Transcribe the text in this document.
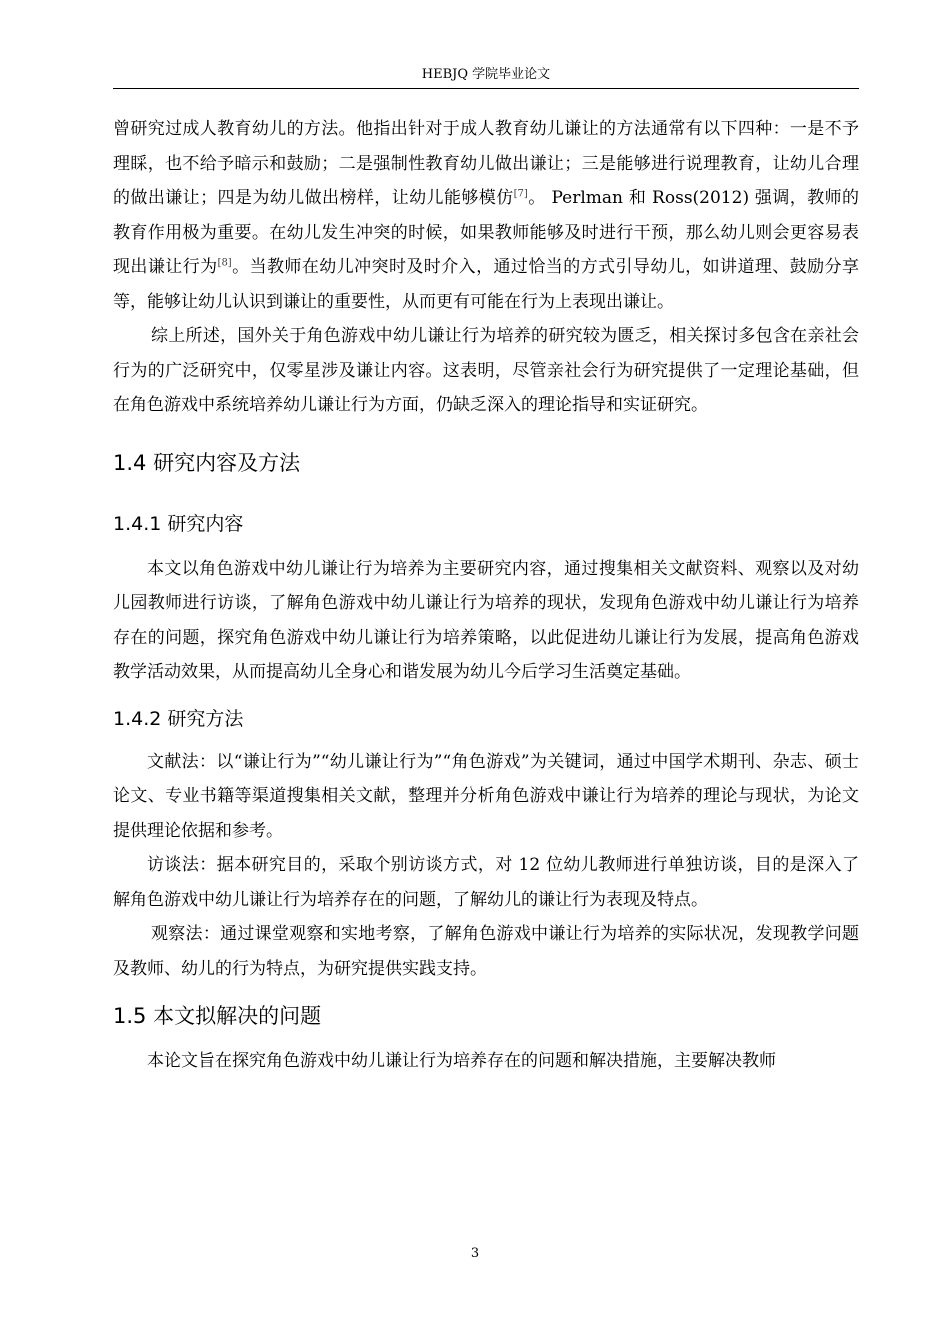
HEBJQ 学院毕业论文

曾研究过成人教育幼儿的方法。他指出针对于成人教育幼儿谦让的方法通常有以下四种：一是不予理睬，也不给予暗示和鼓励；二是强制性教育幼儿做出谦让；三是能够进行说理教育，让幼儿合理的做出谦让；四是为幼儿做出榜样，让幼儿能够模仿[7]。 Perlman 和 Ross(2012) 强调，教师的教育作用极为重要。在幼儿发生冲突的时候，如果教师能够及时进行干预，那么幼儿则会更容易表现出谦让行为[8]。当教师在幼儿冲突时及时介入，通过恰当的方式引导幼儿，如讲道理、鼓励分享等，能够让幼儿认识到谦让的重要性，从而更有可能在行为上表现出谦让。

综上所述，国外关于角色游戏中幼儿谦让行为培养的研究较为匮乏，相关探讨多包含在亲社会行为的广泛研究中，仅零星涉及谦让内容。这表明，尽管亲社会行为研究提供了一定理论基础，但在角色游戏中系统培养幼儿谦让行为方面，仍缺乏深入的理论指导和实证研究。

1.4 研究内容及方法
1.4.1 研究内容

本文以角色游戏中幼儿谦让行为培养为主要研究内容，通过搜集相关文献资料、观察以及对幼儿园教师进行访谈，了解角色游戏中幼儿谦让行为培养的现状，发现角色游戏中幼儿谦让行为培养存在的问题，探究角色游戏中幼儿谦让行为培养策略，以此促进幼儿谦让行为发展，提高角色游戏教学活动效果，从而提高幼儿全身心和谐发展为幼儿今后学习生活奠定基础。

1.4.2 研究方法

文献法：以“谦让行为”“幼儿谦让行为”“角色游戏”为关键词，通过中国学术期刊、杂志、硕士论文、专业书籍等渠道搜集相关文献，整理并分析角色游戏中谦让行为培养的理论与现状，为论文提供理论依据和参考。

访谈法：据本研究目的，采取个别访谈方式，对 12 位幼儿教师进行单独访谈，目的是深入了解角色游戏中幼儿谦让行为培养存在的问题，了解幼儿的谦让行为表现及特点。

观察法：通过课堂观察和实地考察，了解角色游戏中谦让行为培养的实际状况，发现教学问题及教师、幼儿的行为特点，为研究提供实践支持。

1.5 本文拟解决的问题

本论文旨在探究角色游戏中幼儿谦让行为培养存在的问题和解决措施，主要解决教师

3
